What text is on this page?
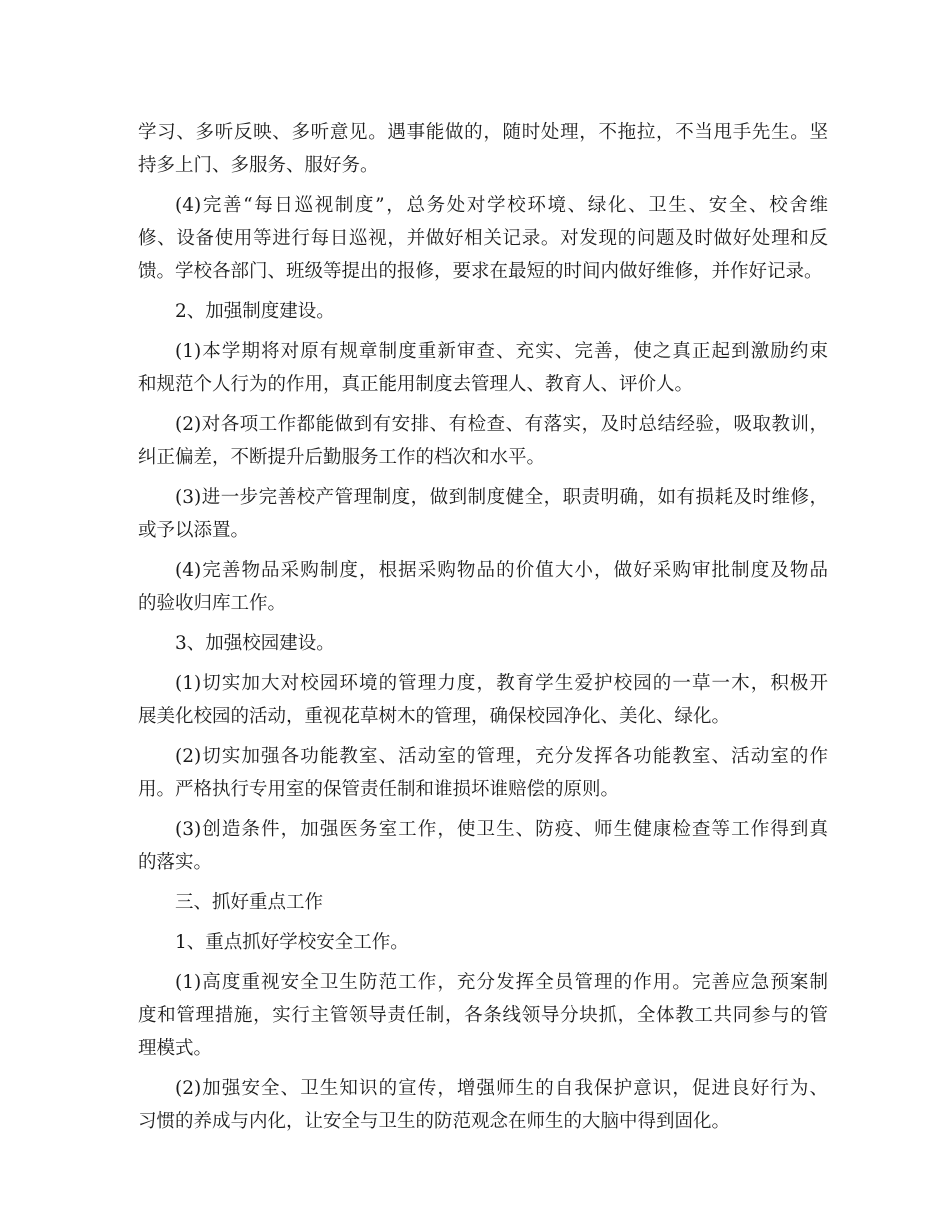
学习、多听反映、多听意见。遇事能做的，随时处理，不拖拉，不当甩手先生。坚
持多上门、多服务、服好务。
(4)完善“每日巡视制度”，总务处对学校环境、绿化、卫生、安全、校舍维
修、设备使用等进行每日巡视，并做好相关记录。对发现的问题及时做好处理和反
馈。学校各部门、班级等提出的报修，要求在最短的时间内做好维修，并作好记录。
2、加强制度建设。
(1)本学期将对原有规章制度重新审查、充实、完善，使之真正起到激励约束
和规范个人行为的作用，真正能用制度去管理人、教育人、评价人。
(2)对各项工作都能做到有安排、有检查、有落实，及时总结经验，吸取教训，
纠正偏差，不断提升后勤服务工作的档次和水平。
(3)进一步完善校产管理制度，做到制度健全，职责明确，如有损耗及时维修，
或予以添置。
(4)完善物品采购制度，根据采购物品的价值大小，做好采购审批制度及物品
的验收归库工作。
3、加强校园建设。
(1)切实加大对校园环境的管理力度，教育学生爱护校园的一草一木，积极开
展美化校园的活动，重视花草树木的管理，确保校园净化、美化、绿化。
(2)切实加强各功能教室、活动室的管理，充分发挥各功能教室、活动室的作
用。严格执行专用室的保管责任制和谁损坏谁赔偿的原则。
(3)创造条件，加强医务室工作，使卫生、防疫、师生健康检查等工作得到真
的落实。
三、抓好重点工作
1、重点抓好学校安全工作。
(1)高度重视安全卫生防范工作，充分发挥全员管理的作用。完善应急预案制
度和管理措施，实行主管领导责任制，各条线领导分块抓，全体教工共同参与的管
理模式。
(2)加强安全、卫生知识的宣传，增强师生的自我保护意识，促进良好行为、
习惯的养成与内化，让安全与卫生的防范观念在师生的大脑中得到固化。
